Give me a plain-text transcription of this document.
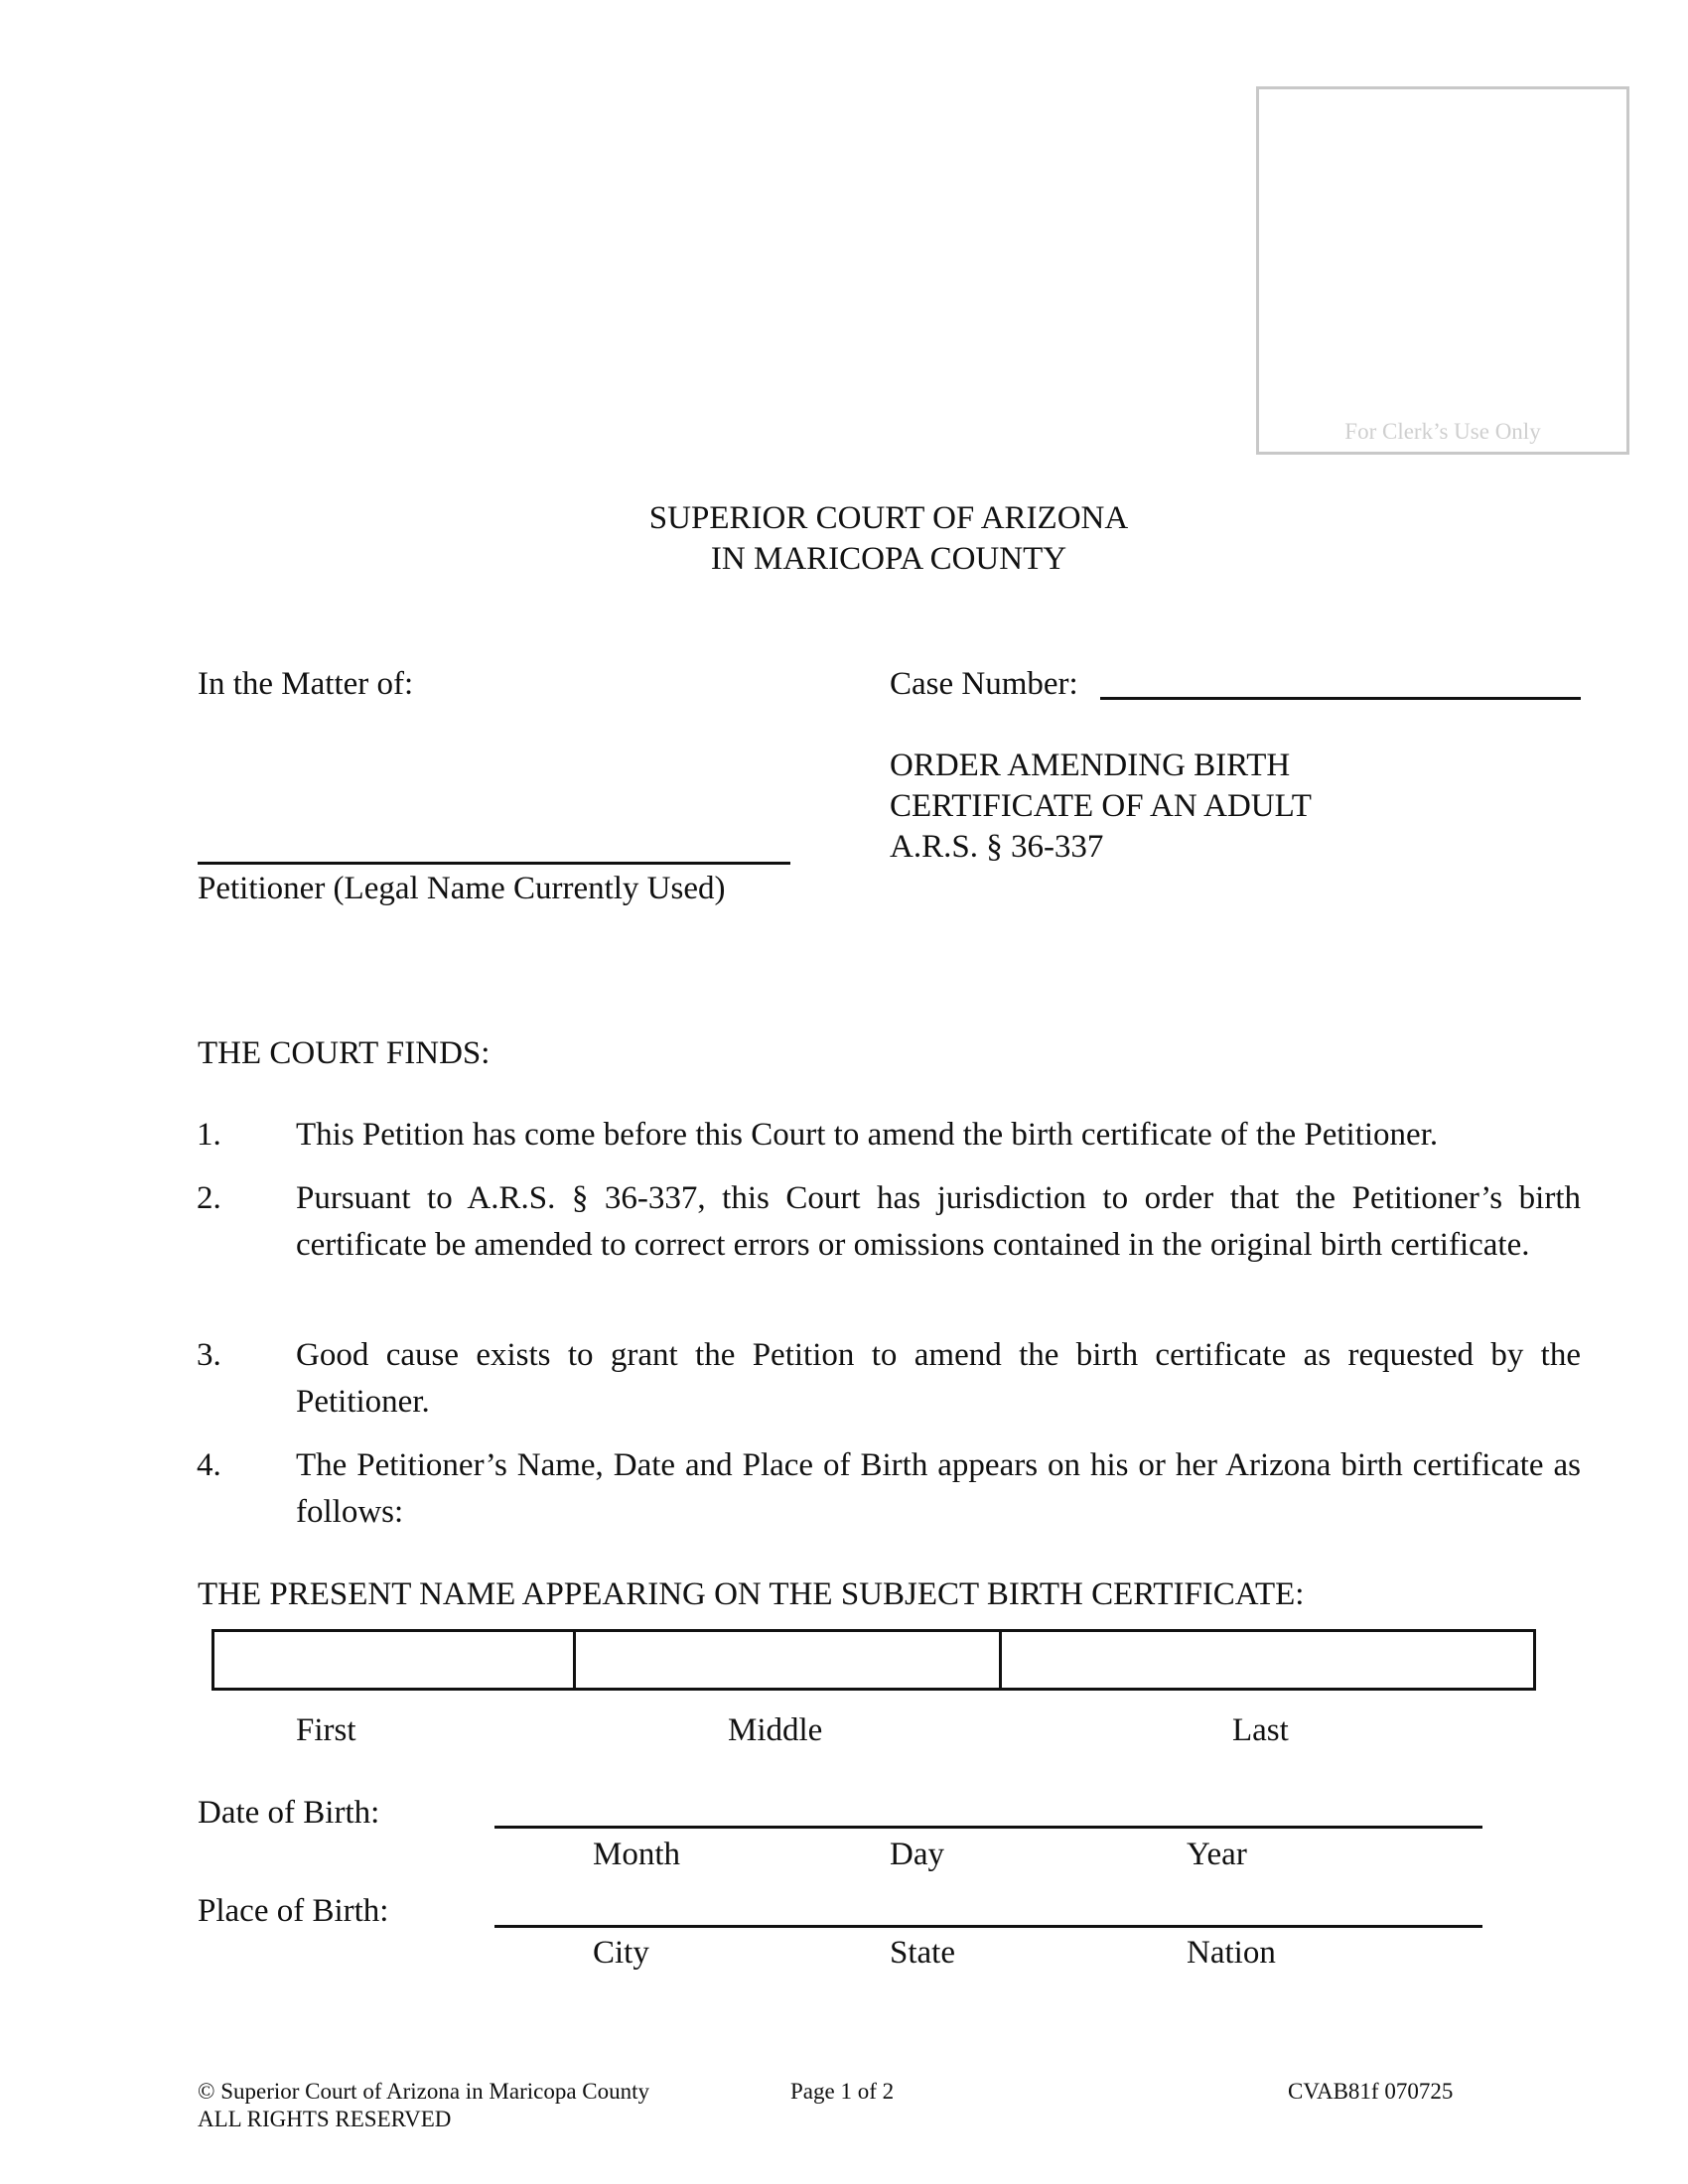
For Clerk’s Use Only
SUPERIOR COURT OF ARIZONA
IN MARICOPA COUNTY
In the Matter of:
Petitioner (Legal Name Currently Used)
Case Number:
ORDER AMENDING BIRTH
CERTIFICATE OF AN ADULT
A.R.S. § 36-337
THE COURT FINDS:
1. This Petition has come before this Court to amend the birth certificate of the Petitioner.
2. Pursuant to A.R.S. § 36-337, this Court has jurisdiction to order that the Petitioner’s birth certificate be amended to correct errors or omissions contained in the original birth certificate.
3. Good cause exists to grant the Petition to amend the birth certificate as requested by the Petitioner.
4. The Petitioner’s Name, Date and Place of Birth appears on his or her Arizona birth certificate as follows:
THE PRESENT NAME APPEARING ON THE SUBJECT BIRTH CERTIFICATE:

First	Middle	Last
Date of Birth:
Month	Day	Year
Place of Birth:
City	State	Nation
© Superior Court of Arizona in Maricopa County
ALL RIGHTS RESERVED
Page 1 of 2	CVAB81f 070725
